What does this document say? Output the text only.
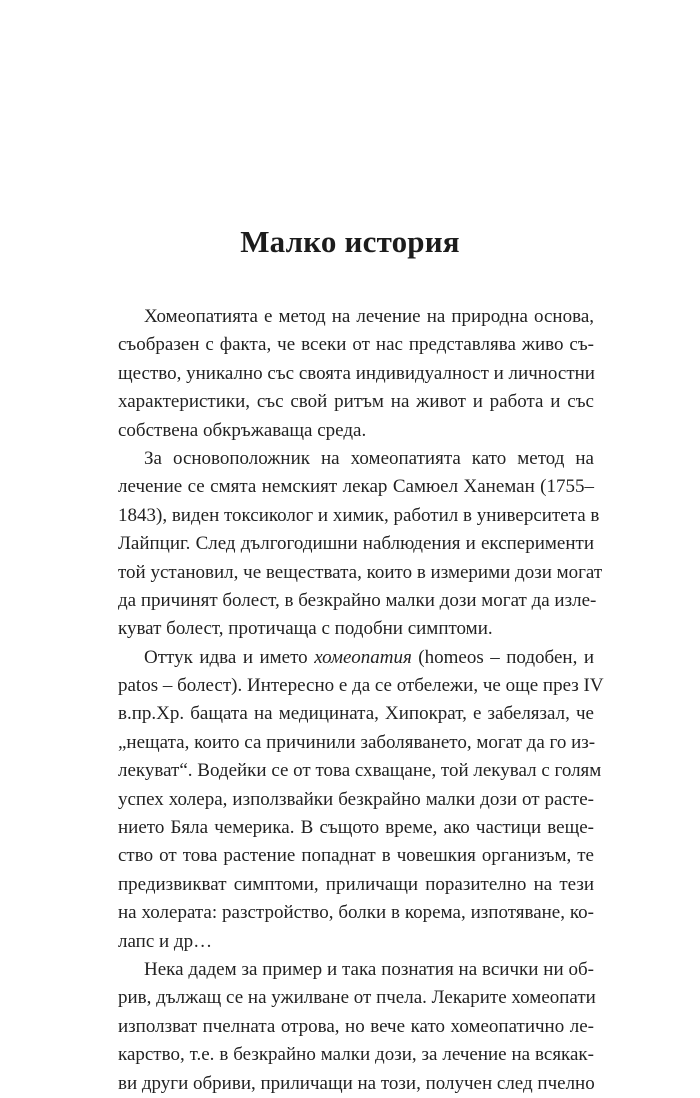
Малко история
Хомеопатията е метод на лечение на природна основа,
съобразен с факта, че всеки от нас представлява живо съ-
щество, уникално със своята индивидуалност и личностни
характеристики, със свой ритъм на живот и работа и със
собствена обкръжаваща среда.
За основоположник на хомеопатията като метод на
лечение се смята немският лекар Самюел Ханеман (1755–
1843), виден токсиколог и химик, работил в университета в
Лайпциг. След дългогодишни наблюдения и експерименти
той установил, че веществата, които в измерими дози могат
да причинят болест, в безкрайно малки дози могат да изле-
куват болест, протичаща с подобни симптоми.
Оттук идва и името хомеопатия (homeos – подобен, и
patos – болест). Интересно е да се отбележи, че още през IV
в.пр.Хр. бащата на медицината, Хипократ, е забелязал, че
„нещата, които са причинили заболяването, могат да го из-
лекуват“. Водейки се от това схващане, той лекувал с голям
успех холера, използвайки безкрайно малки дози от расте-
нието Бяла чемерика. В същото време, ако частици веще-
ство от това растение попаднат в човешкия организъм, те
предизвикват симптоми, приличащи поразително на тези
на холерата: разстройство, болки в корема, изпотяване, ко-
лапс и др…
Нека дадем за пример и така познатия на всички ни об-
рив, дължащ се на ужилване от пчела. Лекарите хомеопати
използват пчелната отрова, но вече като хомеопатично ле-
карство, т.е. в безкрайно малки дози, за лечение на всякак-
ви други обриви, приличащи на този, получен след пчелно
